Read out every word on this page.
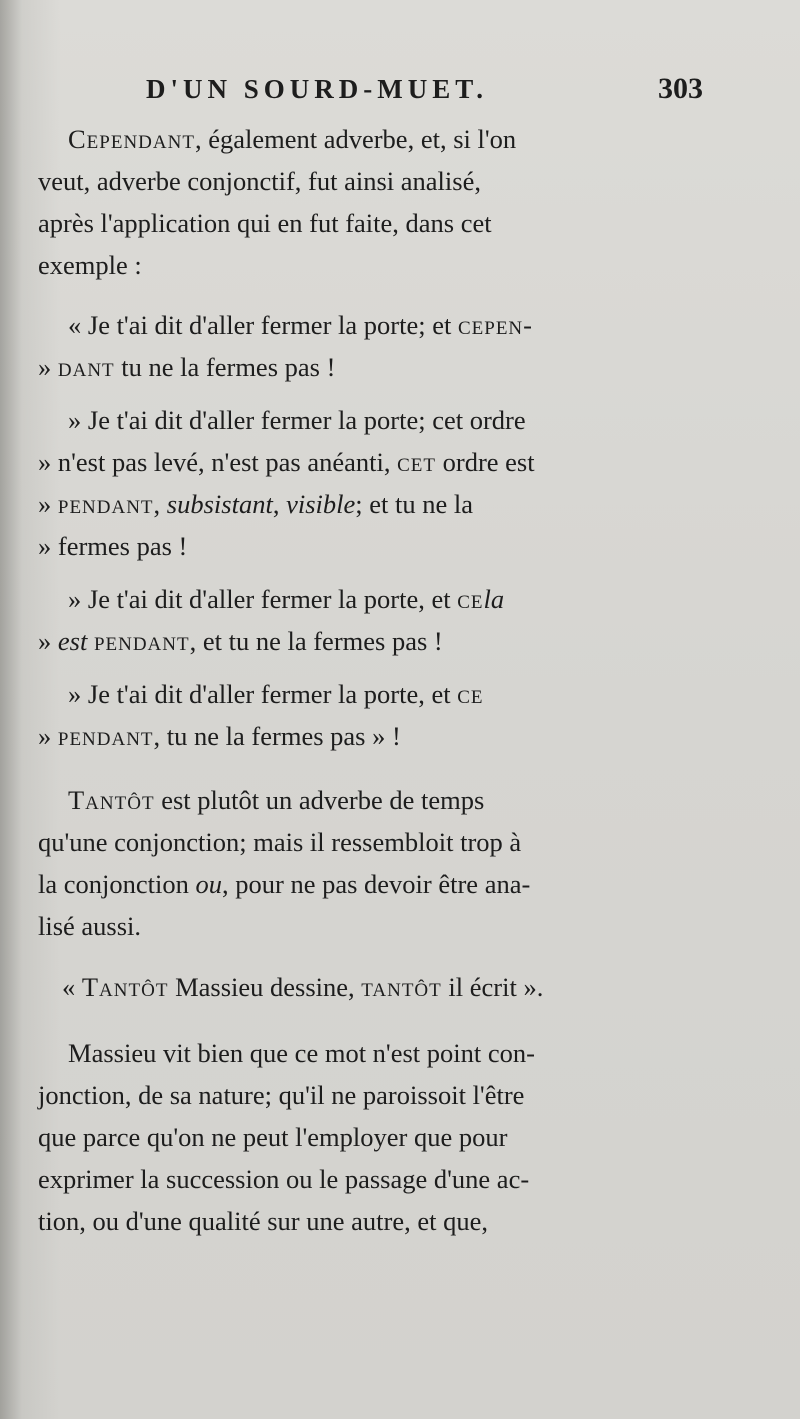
D'UN SOURD-MUET.	303
Cependant, également adverbe, et, si l'on
veut, adverbe conjonctif, fut ainsi analisé,
après l'application qui en fut faite, dans cet
exemple :
« Je t'ai dit d'aller fermer la porte; et cepen-
» dant tu ne la fermes pas !
» Je t'ai dit d'aller fermer la porte; cet ordre
» n'est pas levé, n'est pas anéanti, cet ordre est
» pendant, subsistant, visible; et tu ne la
» fermes pas !
» Je t'ai dit d'aller fermer la porte, et cela
» est pendant, et tu ne la fermes pas !
» Je t'ai dit d'aller fermer la porte, et ce
» pendant, tu ne la fermes pas » !
Tantôt est plutôt un adverbe de temps
qu'une conjonction; mais il ressembloit trop à
la conjonction ou, pour ne pas devoir être ana-
lisé aussi.
« Tantôt Massieu dessine, tantôt il écrit ».
Massieu vit bien que ce mot n'est point con-
jonction, de sa nature; qu'il ne paroissoit l'être
que parce qu'on ne peut l'employer que pour
exprimer la succession ou le passage d'une ac-
tion, ou d'une qualité sur une autre, et que,
